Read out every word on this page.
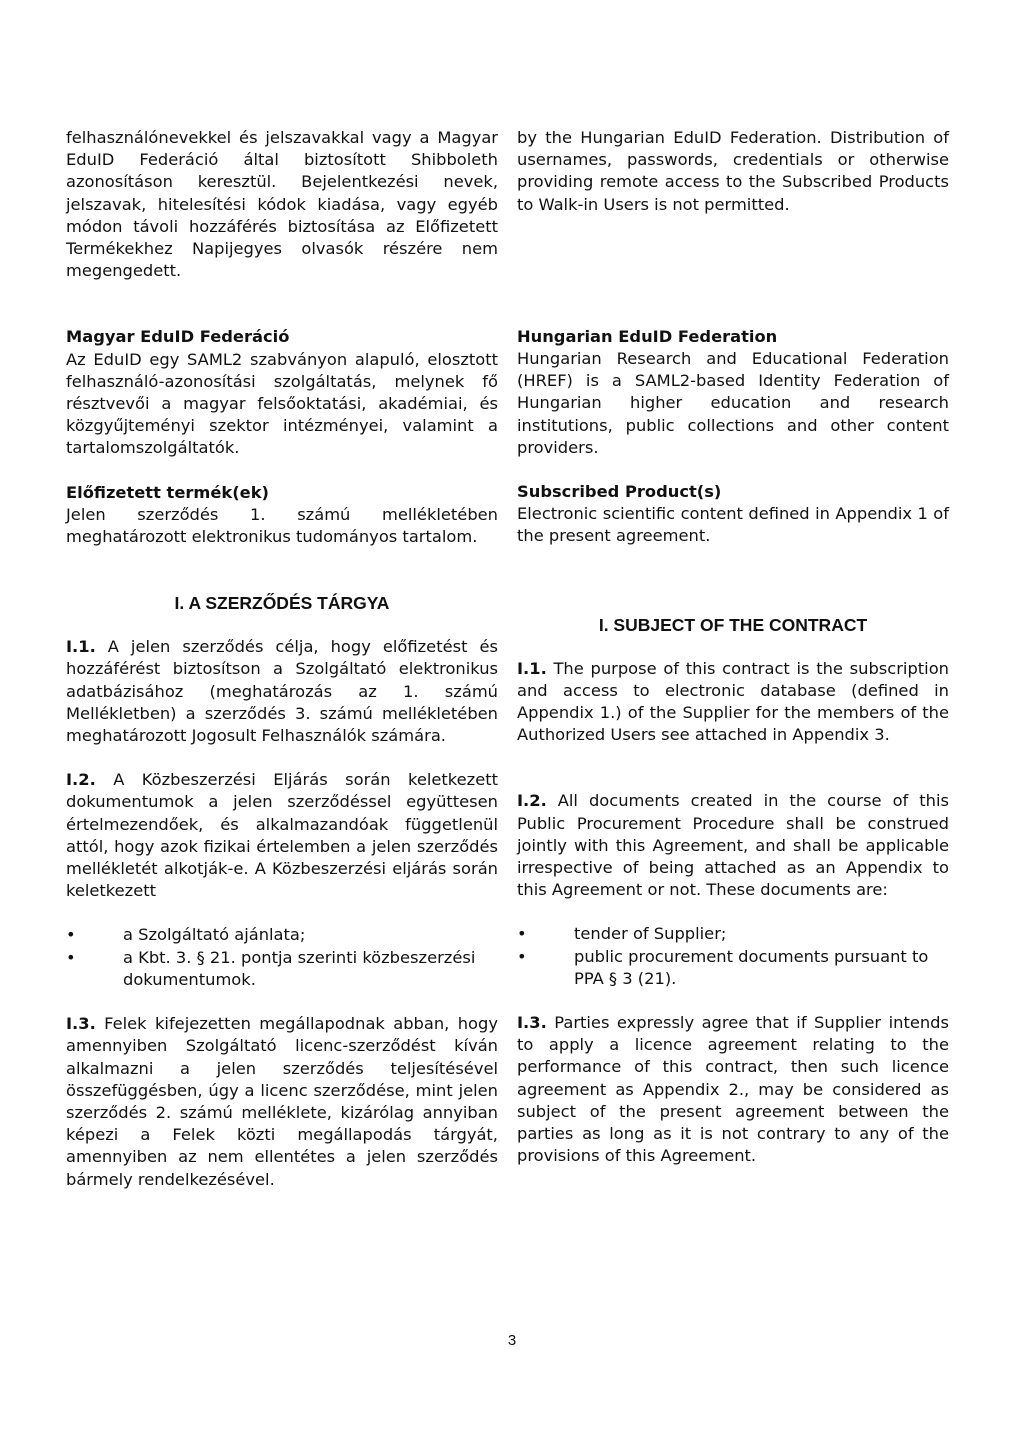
felhasználónevekkel és jelszavakkal vagy a Magyar EduID Federáció által biztosított Shibboleth azonosításon keresztül. Bejelentkezési nevek, jelszavak, hitelesítési kódok kiadása, vagy egyéb módon távoli hozzáférés biztosítása az Előfizetett Termékekhez Napijegyes olvasók részére nem megengedett.

Magyar EduID Federáció

Az EduID egy SAML2 szabványon alapuló, elosztott felhasználó-azonosítási szolgáltatás, melynek fő résztvevői a magyar felsőoktatási, akadémiai, és közgyűjteményi szektor intézményei, valamint a tartalomszolgáltatók.

Előfizetett termék(ek)

Jelen szerződés 1. számú mellékletében meghatározott elektronikus tudományos tartalom.

I. A SZERZŐDÉS TÁRGYA

I.1. A jelen szerződés célja, hogy előfizetést és hozzáférést biztosítson a Szolgáltató elektronikus adatbázisához (meghatározás az 1. számú Mellékletben) a szerződés 3. számú mellékletében meghatározott Jogosult Felhasználók számára.

I.2. A Közbeszerzési Eljárás során keletkezett dokumentumok a jelen szerződéssel együttesen értelmezendőek, és alkalmazandóak függetlenül attól, hogy azok fizikai értelemben a jelen szerződés mellékletét alkotják-e. A Közbeszerzési eljárás során keletkezett

• a Szolgáltató ajánlata;
• a Kbt. 3. § 21. pontja szerinti közbeszerzési dokumentumok.

I.3. Felek kifejezetten megállapodnak abban, hogy amennyiben Szolgáltató licenc-szerződést kíván alkalmazni a jelen szerződés teljesítésével összefüggésben, úgy a licenc szerződése, mint jelen szerződés 2. számú melléklete, kizárólag annyiban képezi a Felek közti megállapodás tárgyát, amennyiben az nem ellentétes a jelen szerződés bármely rendelkezésével.

by the Hungarian EduID Federation. Distribution of usernames, passwords, credentials or otherwise providing remote access to the Subscribed Products to Walk-in Users is not permitted.

Hungarian EduID Federation

Hungarian Research and Educational Federation (HREF) is a SAML2-based Identity Federation of Hungarian higher education and research institutions, public collections and other content providers.

Subscribed Product(s)

Electronic scientific content defined in Appendix 1 of the present agreement.

I. SUBJECT OF THE CONTRACT

I.1. The purpose of this contract is the subscription and access to electronic database (defined in Appendix 1.) of the Supplier for the members of the Authorized Users see attached in Appendix 3.

I.2. All documents created in the course of this Public Procurement Procedure shall be construed jointly with this Agreement, and shall be applicable irrespective of being attached as an Appendix to this Agreement or not. These documents are:

• tender of Supplier;
• public procurement documents pursuant to PPA § 3 (21).

I.3. Parties expressly agree that if Supplier intends to apply a licence agreement relating to the performance of this contract, then such licence agreement as Appendix 2., may be considered as subject of the present agreement between the parties as long as it is not contrary to any of the provisions of this Agreement.

3
